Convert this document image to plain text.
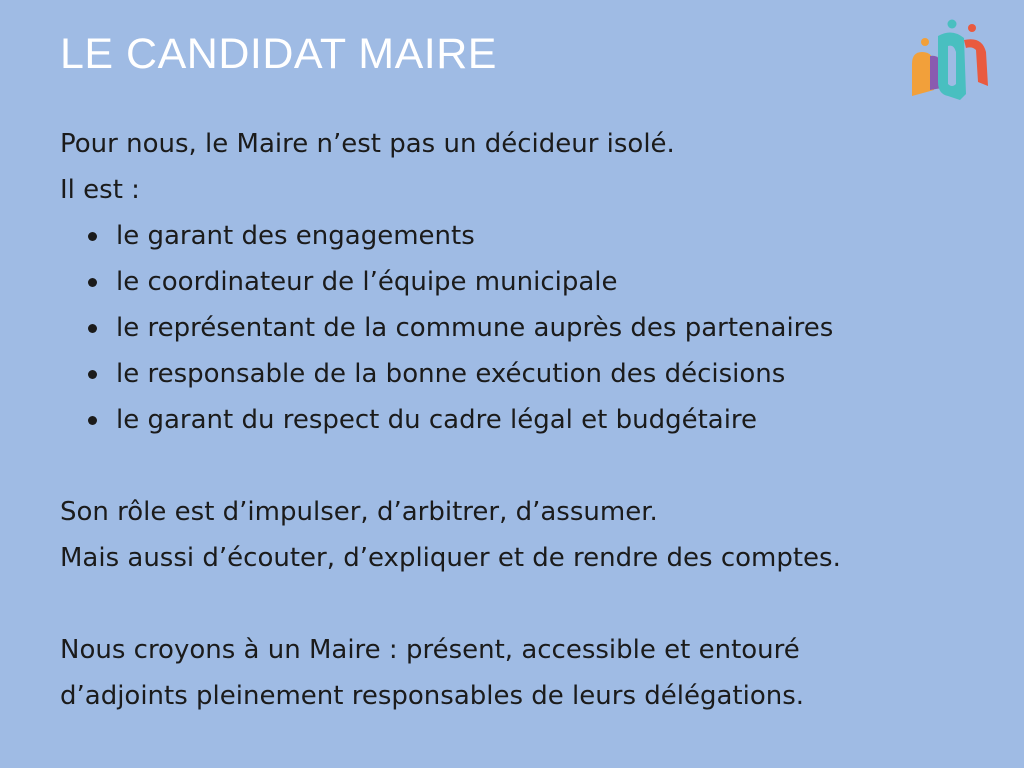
LE CANDIDAT MAIRE

Pour nous, le Maire n’est pas un décideur isolé.

Il est :

le garant des engagements
le coordinateur de l’équipe municipale
le représentant de la commune auprès des partenaires
le responsable de la bonne exécution des décisions
le garant du respect du cadre légal et budgétaire

Son rôle est d’impulser, d’arbitrer, d’assumer.

Mais aussi d’écouter, d’expliquer et de rendre des comptes.

Nous croyons à un Maire : présent, accessible et entouré

d’adjoints pleinement responsables de leurs délégations.
